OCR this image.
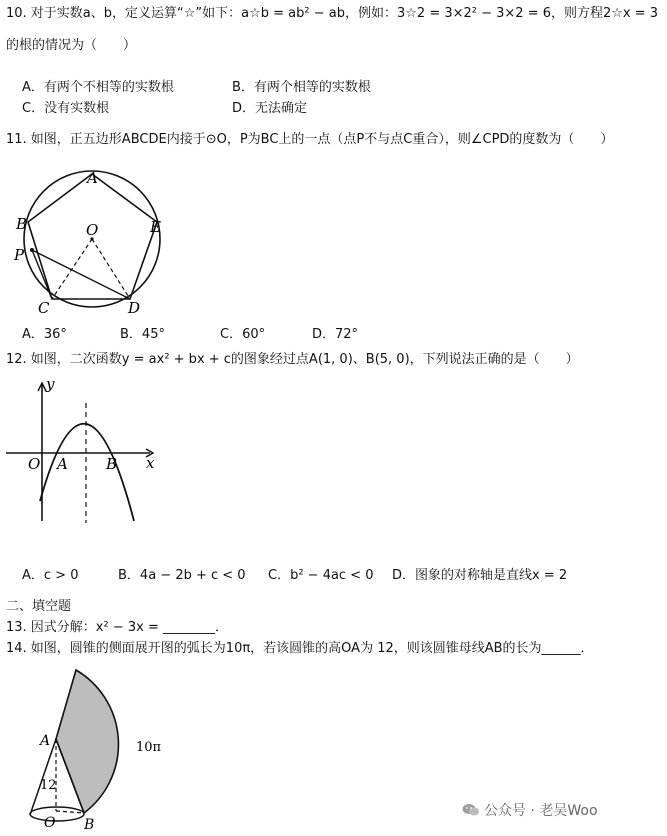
10. 对于实数a、b，定义运算“☆”如下：a☆b = ab² − ab，例如：3☆2 = 3×2² − 3×2 = 6，则方程2☆x = 3
的根的情况为（　　）
A．有两个不相等的实数根	B．有两个相等的实数根
C．没有实数根	D．无法确定
11. 如图，正五边形ABCDE内接于⊙O，P为BC上的一点（点P不与点C重合），则∠CPD的度数为（　　）
A
B	E
O
P
C	D
A．36°	B．45°	C．60°	D．72°
12. 如图，二次函数y = ax² + bx + c的图象经过点A(1, 0)、B(5, 0)，下列说法正确的是（　　）
y
x
O A	B
A．c > 0	B．4a − 2b + c < 0 C．b² − 4ac < 0 D．图象的对称轴是直线x = 2
二、填空题
13. 因式分解：x² − 3x = ________．
14. 如图，圆锥的侧面展开图的弧长为10π，若该圆锥的高OA为 12，则该圆锥母线AB的长为______．
A
12
O B
10π
公众号 · 老吴Woo
